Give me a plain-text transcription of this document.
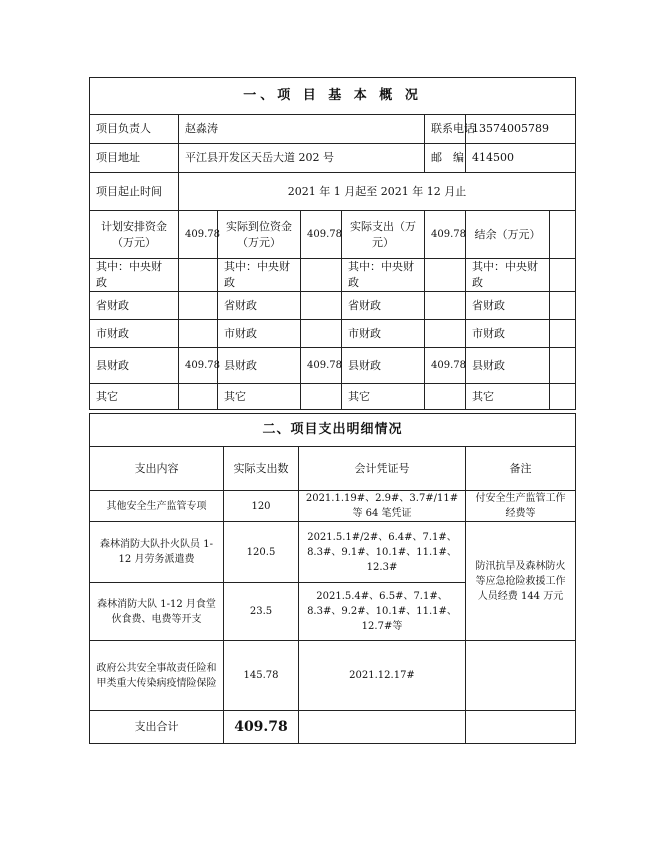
一、项 目 基 本 概 况							
项目负责人	赵淼涛				联系电话	13574005789	
项目地址	平江县开发区天岳大道 202 号				邮　编	414500	
项目起止时间	2021 年 1 月起至 2021 年 12 月止						
计划安排资金（万元）	409.78	实际到位资金（万元）	409.78	实际支出（万元）	409.78	结余（万元）	
其中：中央财政		其中：中央财政		其中：中央财政		其中：中央财政	
省财政		省财政		省财政		省财政	
市财政		市财政		市财政		市财政	
县财政	409.78	县财政	409.78	县财政	409.78	县财政	
其它		其它		其它		其它	
二、项目支出明细情况			
支出内容	实际支出数	会计凭证号	备注
其他安全生产监管专项	120	2021.1.19#、2.9#、3.7#/11#等 64 笔凭证	付安全生产监管工作经费等
森林消防大队扑火队员 1-12 月劳务派遣费	120.5	2021.5.1#/2#、6.4#、7.1#、8.3#、9.1#、10.1#、11.1#、12.3#	防汛抗旱及森林防火等应急抢险救援工作人员经费 144 万元
森林消防大队 1-12 月食堂伙食费、电费等开支	23.5	2021.5.4#、6.5#、7.1#、8.3#、9.2#、10.1#、11.1#、12.7#等	
政府公共安全事故责任险和甲类重大传染病疫情险保险	145.78	2021.12.17#	
支出合计	409.78		
